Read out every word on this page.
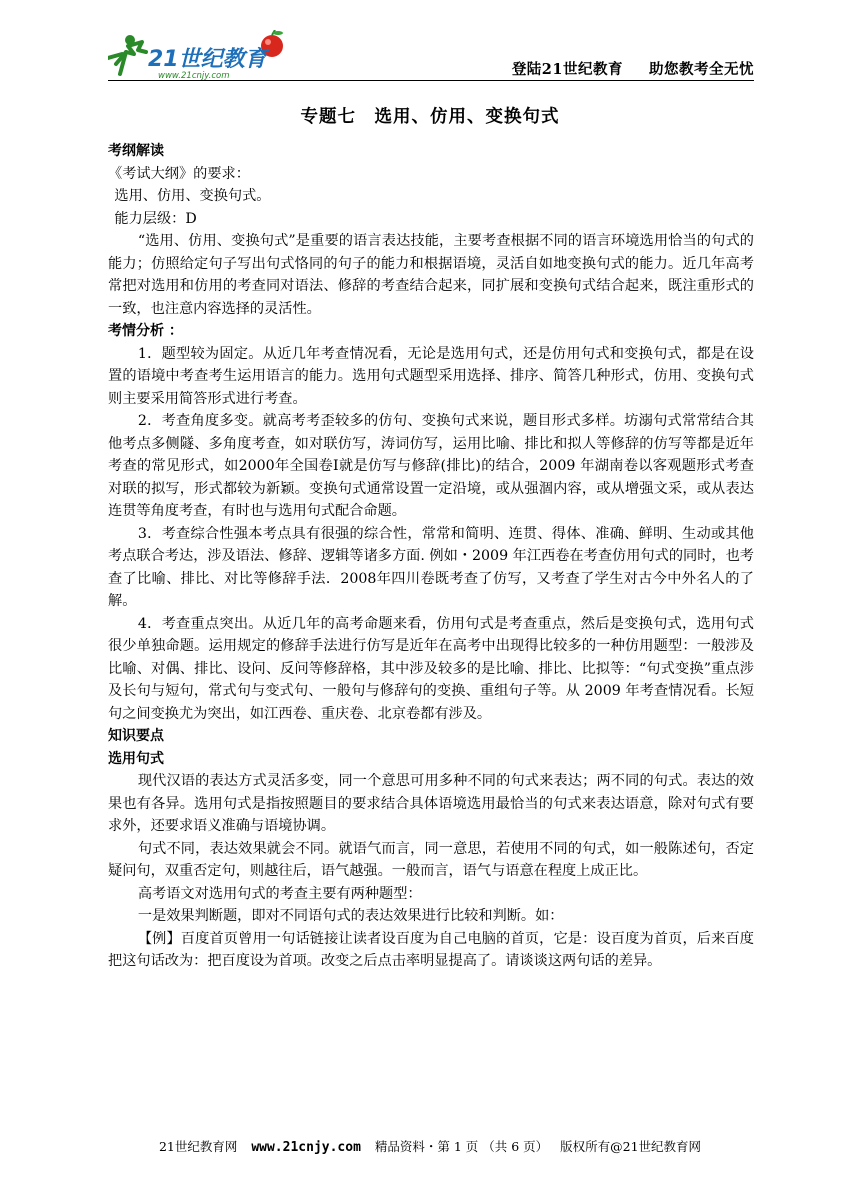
21世纪教育
www.21cnjy.com	登陆21世纪教育 助您教考全无忧
专题七　选用、仿用、变换句式

考纲解读

《考试大纲》的要求：

选用、仿用、变换句式。

能力层级：D

“选用、仿用、变换句式”是重要的语言表达技能，主要考查根据不同的语言环境选用恰当的句式的能力；仿照给定句子写出句式恪同的句子的能力和根据语境，灵活自如地变换句式的能力。近几年高考常把对选用和仿用的考查同对语法、修辞的考查结合起来，同扩展和变换句式结合起来，既注重形式的一致，也注意内容选择的灵活性。

考情分析 ：

1．题型较为固定。从近几年考查情况看，无论是选用句式，还是仿用句式和变换句式，都是在设置的语境中考查考生运用语言的能力。选用句式题型采用选择、排序、简答几种形式，仿用、变换句式则主要采用简答形式进行考查。

2．考查角度多变。就高考考歪较多的仿句、变换句式来说，题目形式多样。坊溺句式常常结合其他考点多侧隧、多角度考查，如对联仿写，涛词仿写，运用比喻、排比和拟人等修辞的仿写等都是近年考查的常见形式，如2000年全国卷Ⅰ就是仿写与修辞(排比)的结合，2009 年湖南卷以客观题形式考查对联的拟写，形式都较为新颖。变换句式通常设置一定沿境，或从强涸内容，或从增强文采，或从表达连贯等角度考查，有时也与选用句式配合命题。

3．考查综合性强本考点具有很强的综合性，常常和简明、连贯、得体、准确、鲜明、生动或其他考点联合考达，涉及语法、修辞、逻辑等诸多方面. 例如・2009 年江西卷在考查仿用句式的同时，也考查了比喻、排比、对比等修辞手法．2008年四川卷既考查了仿写，又考查了学生对古今中外名人的了解。

4．考查重点突出。从近几年的高考命题来看，仿用句式是考查重点，然后是变换句式，选用句式很少单独命题。运用规定的修辞手法进行仿写是近年在高考中出现得比较多的一种仿用题型：一般涉及比喻、对偶、排比、设问、反问等修辞格，其中涉及较多的是比喻、排比、比拟等：“句式变换”重点涉及长句与短句，常式句与变式句、一般句与修辞句的变换、重组句子等。从 2009 年考查情况看。长短句之间变换尤为突出，如江西卷、重庆卷、北京卷都有涉及。

知识要点

选用句式

现代汉语的表达方式灵活多变，同一个意思可用多种不同的句式来表达；两不同的句式。表达的效果也有各异。选用句式是指按照题目的要求结合具体语境选用最恰当的句式来表达语意，除对句式有要求外，还要求语义准确与语境协调。

句式不同，表达效果就会不同。就语气而言，同一意思，若使用不同的句式，如一般陈述句，否定疑问句，双重否定句，则越往后，语气越强。一般而言，语气与语意在程度上成正比。

高考语文对选用句式的考查主要有两种题型：

一是效果判断题，即对不同语句式的表达效果进行比较和判断。如：

【例】百度首页曾用一句话链接让读者设百度为自己电脑的首页，它是：设百度为首页，后来百度把这句话改为：把百度设为首项。改变之后点击率明显提高了。请谈谈这两句话的差异。

21世纪教育网 www.21cnjy.com 精品资料・第 1 页 （共 6 页） 版权所有@21世纪教育网
